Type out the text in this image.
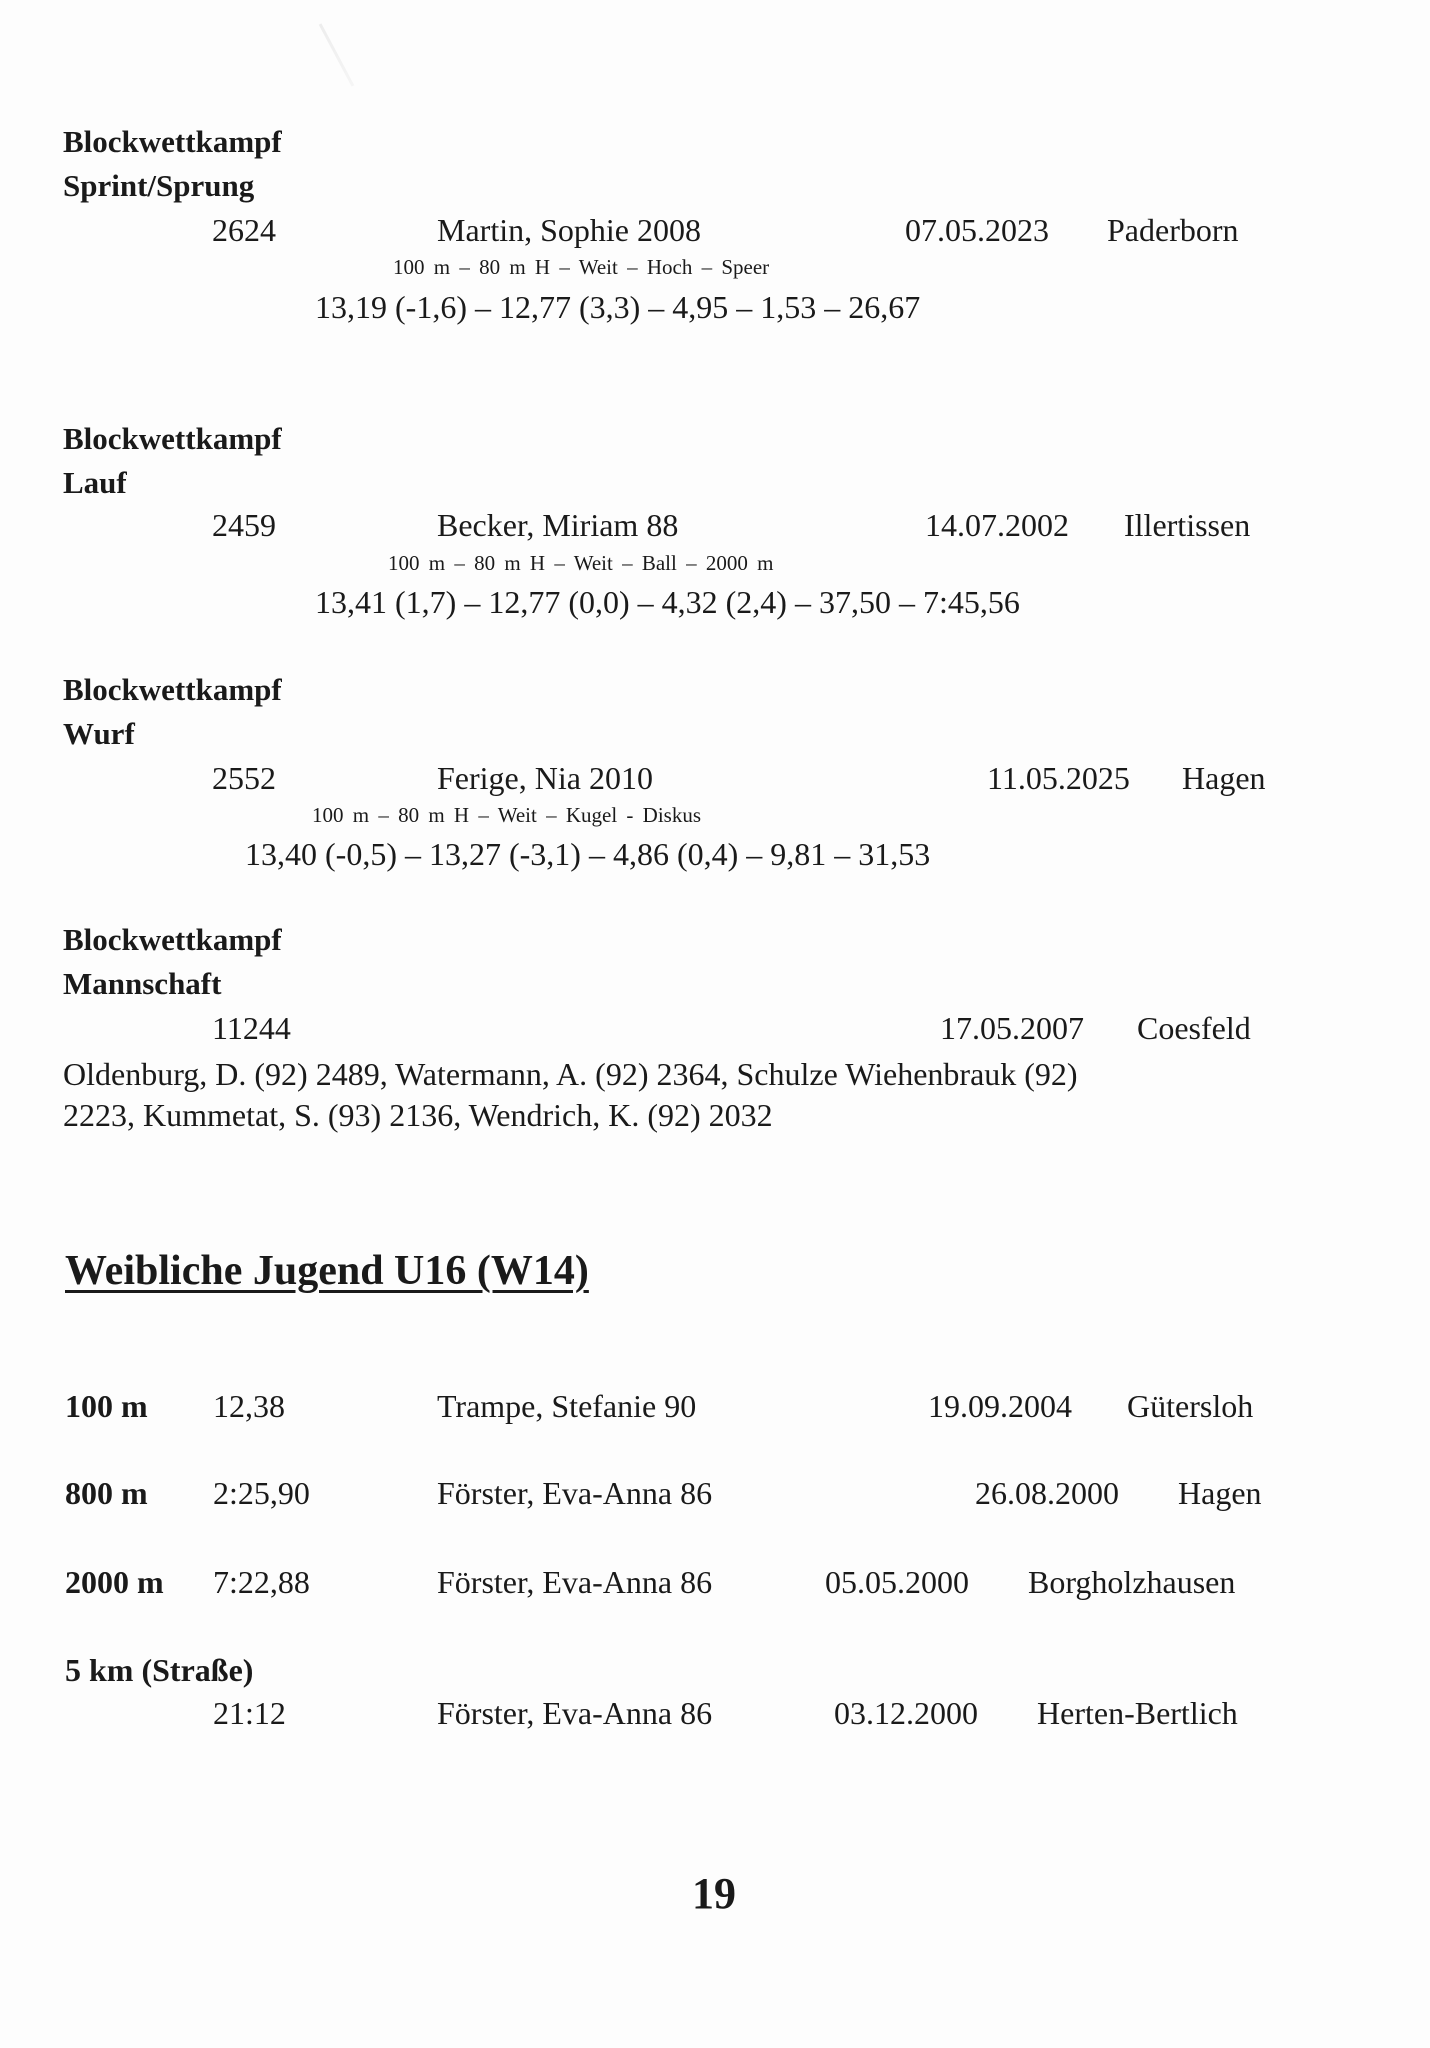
Blockwettkampf
Sprint/Sprung
2624	Martin, Sophie 2008	07.05.2023 Paderborn
100 m – 80 m H – Weit – Hoch – Speer
13,19 (-1,6) – 12,77 (3,3) – 4,95 – 1,53 – 26,67
Blockwettkampf
Lauf
2459	Becker, Miriam 88	14.07.2002 Illertissen
100 m – 80 m H – Weit – Ball – 2000 m
13,41 (1,7) – 12,77 (0,0) – 4,32 (2,4) – 37,50 – 7:45,56
Blockwettkampf
Wurf
2552	Ferige, Nia 2010	11.05.2025 Hagen
100 m – 80 m H – Weit – Kugel - Diskus
13,40 (-0,5) – 13,27 (-3,1) – 4,86 (0,4) – 9,81 – 31,53
Blockwettkampf
Mannschaft
11244	17.05.2007 Coesfeld
Oldenburg, D. (92) 2489, Watermann, A. (92) 2364, Schulze Wiehenbrauk (92)
2223, Kummetat, S. (93) 2136, Wendrich, K. (92) 2032
Weibliche Jugend U16 (W14)
100 m 12,38	Trampe, Stefanie 90	19.09.2004 Gütersloh
800 m 2:25,90	Förster, Eva-Anna 86	26.08.2000 Hagen
2000 m 7:22,88	Förster, Eva-Anna 86	05.05.2000 Borgholzhausen
5 km (Straße)
21:12	Förster, Eva-Anna 86	03.12.2000 Herten-Bertlich
19
